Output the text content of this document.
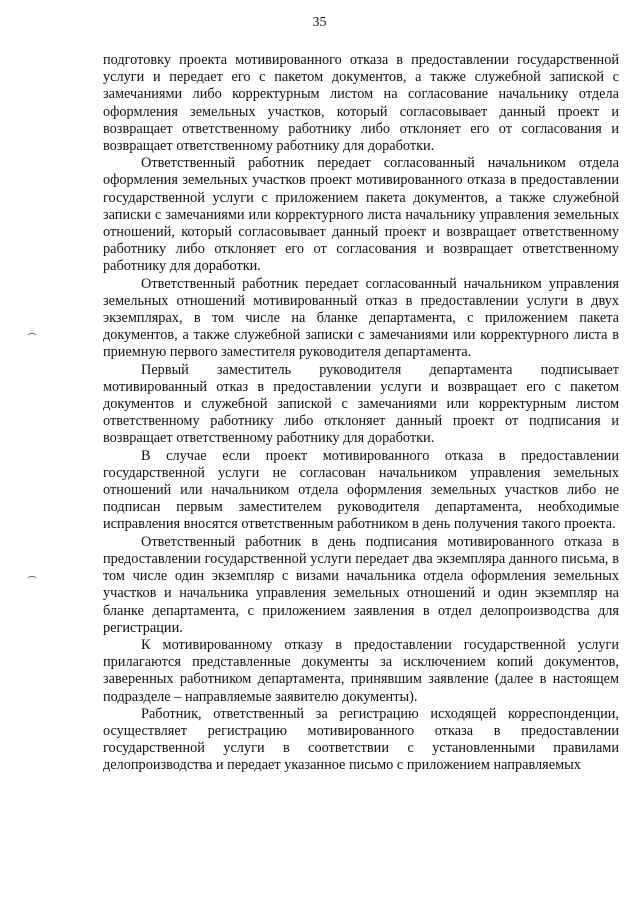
35

подготовку проекта мотивированного отказа в предоставлении государственной услуги и передает его с пакетом документов, а также служебной запиской с замечаниями либо корректурным листом на согласование начальнику отдела оформления земельных участков, который согласовывает данный проект и возвращает ответственному работнику либо отклоняет его от согласования и возвращает ответственному работнику для доработки.

Ответственный работник передает согласованный начальником отдела оформления земельных участков проект мотивированного отказа в предоставлении государственной услуги с приложением пакета документов, а также служебной записки с замечаниями или корректурного листа начальнику управления земельных отношений, который согласовывает данный проект и возвращает ответственному работнику либо отклоняет его от согласования и возвращает ответственному работнику для доработки.

Ответственный работник передает согласованный начальником управления земельных отношений мотивированный отказ в предоставлении услуги в двух экземплярах, в том числе на бланке департамента, с приложением пакета документов, а также служебной записки с замечаниями или корректурного листа в приемную первого заместителя руководителя департамента.

Первый заместитель руководителя департамента подписывает мотивированный отказ в предоставлении услуги и возвращает его с пакетом документов и служебной запиской с замечаниями или корректурным листом ответственному работнику либо отклоняет данный проект от подписания и возвращает ответственному работнику для доработки.

В случае если проект мотивированного отказа в предоставлении государственной услуги не согласован начальником управления земельных отношений или начальником отдела оформления земельных участков либо не подписан первым заместителем руководителя департамента, необходимые исправления вносятся ответственным работником в день получения такого проекта.

Ответственный работник в день подписания мотивированного отказа в предоставлении государственной услуги передает два экземпляра данного письма, в том числе один экземпляр с визами начальника отдела оформления земельных участков и начальника управления земельных отношений и один экземпляр на бланке департамента, с приложением заявления в отдел делопроизводства для регистрации.

К мотивированному отказу в предоставлении государственной услуги прилагаются представленные документы за исключением копий документов, заверенных работником департамента, принявшим заявление (далее в настоящем подразделе – направляемые заявителю документы).

Работник, ответственный за регистрацию исходящей корреспонденции, осуществляет регистрацию мотивированного отказа в предоставлении государственной услуги в соответствии с установленными правилами делопроизводства и передает указанное письмо с приложением направляемых
